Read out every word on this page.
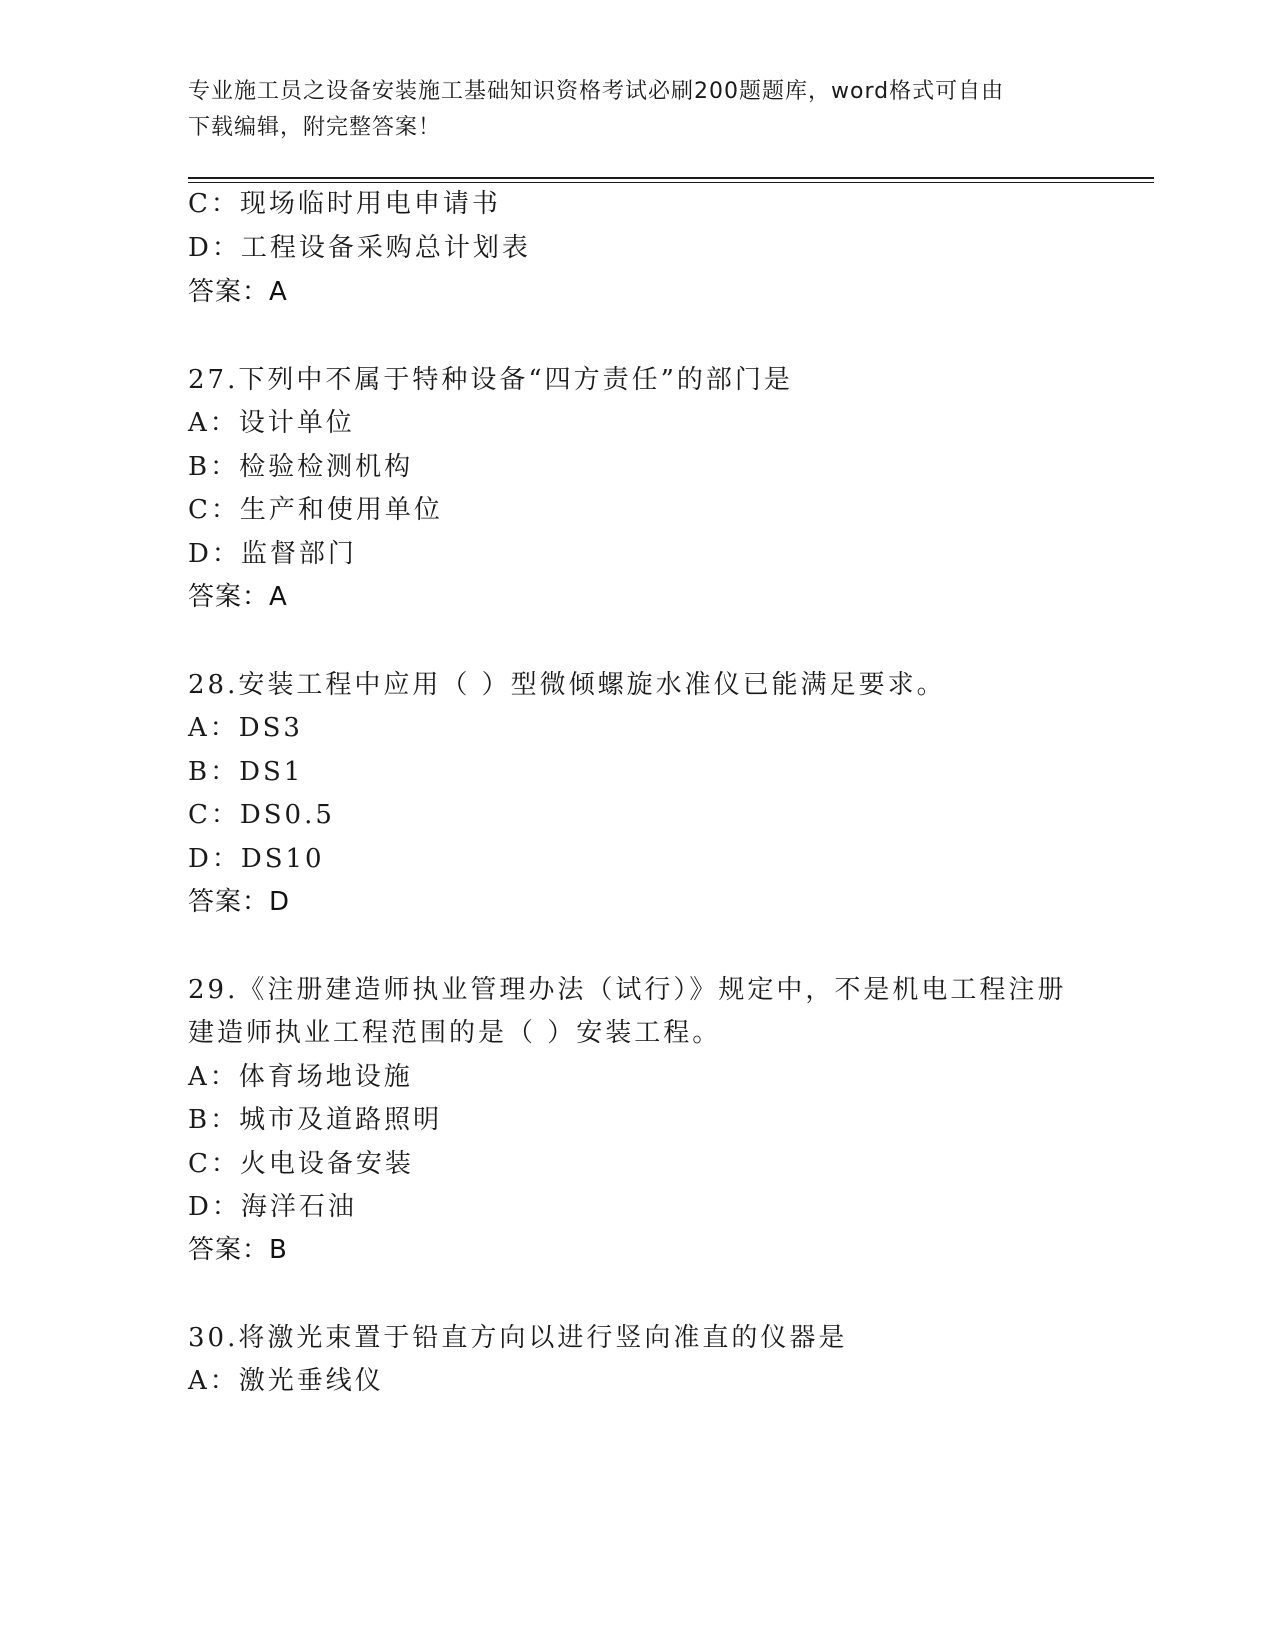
专业施工员之设备安装施工基础知识资格考试必刷200题题库，word格式可自由
下载编辑，附完整答案！
C：现场临时用电申请书
D：工程设备采购总计划表
答案：A
27.下列中不属于特种设备“四方责任”的部门是
A：设计单位
B：检验检测机构
C：生产和使用单位
D：监督部门
答案：A
28.安装工程中应用（ ）型微倾螺旋水准仪已能满足要求。
A：DS3
B：DS1
C：DS0.5
D：DS10
答案：D
29.《注册建造师执业管理办法（试行）》规定中，不是机电工程注册
建造师执业工程范围的是（ ）安装工程。
A：体育场地设施
B：城市及道路照明
C：火电设备安装
D：海洋石油
答案：B
30.将激光束置于铅直方向以进行竖向准直的仪器是
A：激光垂线仪
